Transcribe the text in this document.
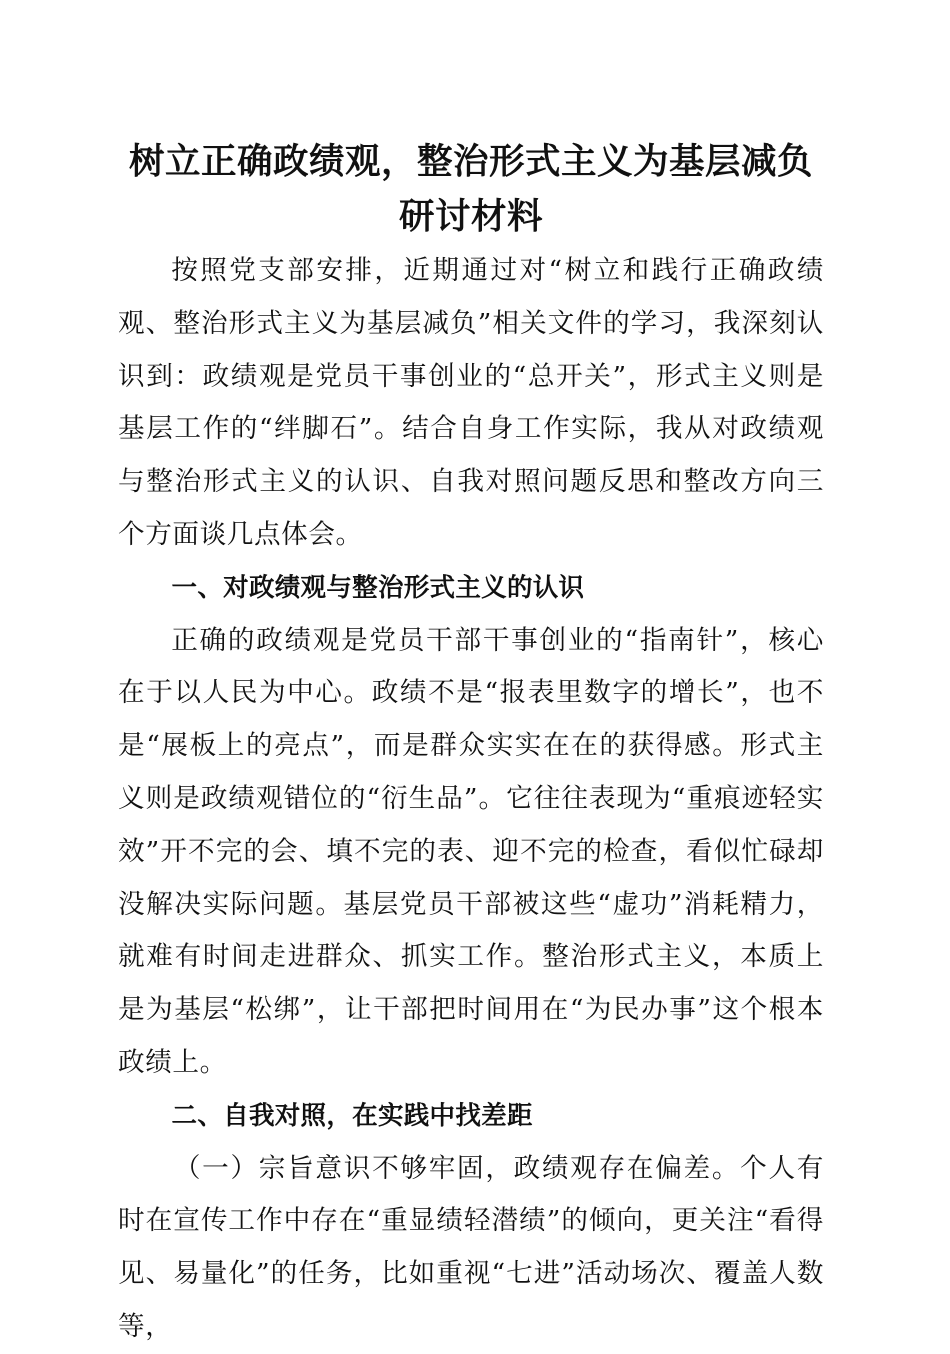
树立正确政绩观，整治形式主义为基层减负研讨材料

按照党支部安排，近期通过对“树立和践行正确政绩观、整治形式主义为基层减负”相关文件的学习，我深刻认识到：政绩观是党员干事创业的“总开关”，形式主义则是基层工作的“绊脚石”。结合自身工作实际，我从对政绩观与整治形式主义的认识、自我对照问题反思和整改方向三个方面谈几点体会。

一、对政绩观与整治形式主义的认识

正确的政绩观是党员干部干事创业的“指南针”，核心在于以人民为中心。政绩不是“报表里数字的增长”，也不是“展板上的亮点”，而是群众实实在在的获得感。形式主义则是政绩观错位的“衍生品”。它往往表现为“重痕迹轻实效”开不完的会、填不完的表、迎不完的检查，看似忙碌却没解决实际问题。基层党员干部被这些“虚功”消耗精力，就难有时间走进群众、抓实工作。整治形式主义，本质上是为基层“松绑”，让干部把时间用在“为民办事”这个根本政绩上。

二、自我对照，在实践中找差距

（一）宗旨意识不够牢固，政绩观存在偏差。个人有时在宣传工作中存在“重显绩轻潜绩”的倾向，更关注“看得见、易量化”的任务，比如重视“七进”活动场次、覆盖人数等，
